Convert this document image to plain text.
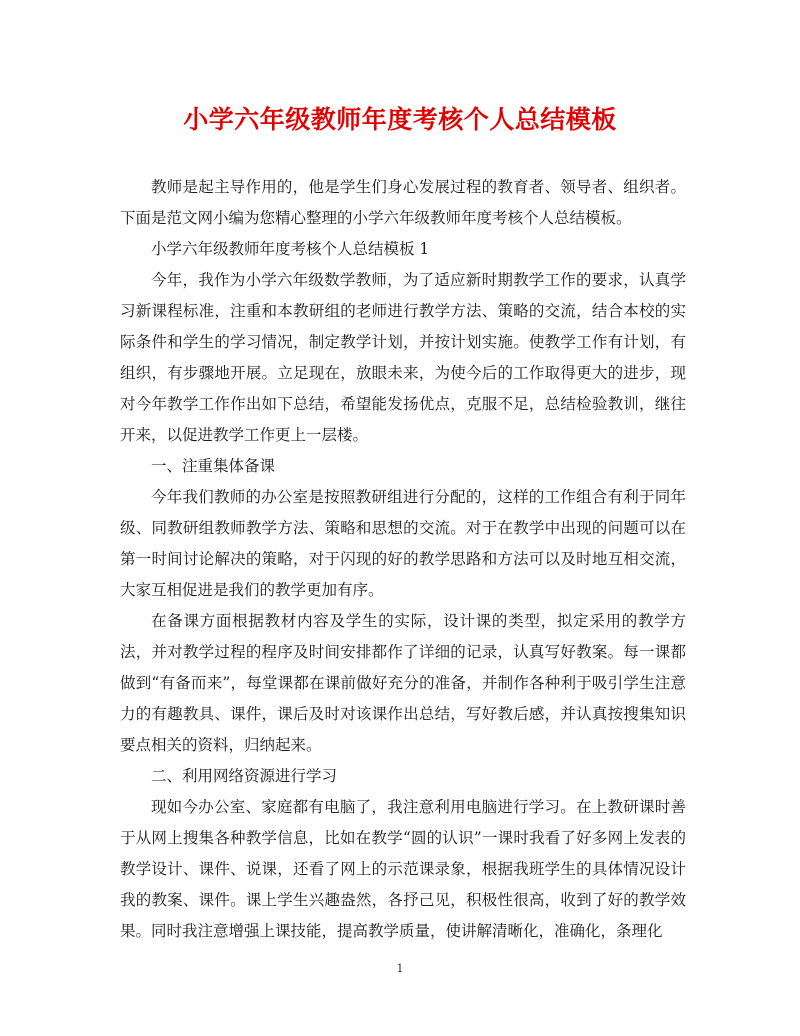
小学六年级教师年度考核个人总结模板

教师是起主导作用的，他是学生们身心发展过程的教育者、领导者、组织者。下面是范文网小编为您精心整理的小学六年级教师年度考核个人总结模板。

小学六年级教师年度考核个人总结模板 1

今年，我作为小学六年级数学教师，为了适应新时期教学工作的要求，认真学习新课程标准，注重和本教研组的老师进行教学方法、策略的交流，结合本校的实际条件和学生的学习情况，制定教学计划，并按计划实施。使教学工作有计划，有组织，有步骤地开展。立足现在，放眼未来，为使今后的工作取得更大的进步，现对今年教学工作作出如下总结，希望能发扬优点，克服不足，总结检验教训，继往开来，以促进教学工作更上一层楼。

一、注重集体备课

今年我们教师的办公室是按照教研组进行分配的，这样的工作组合有利于同年级、同教研组教师教学方法、策略和思想的交流。对于在教学中出现的问题可以在第一时间讨论解决的策略，对于闪现的好的教学思路和方法可以及时地互相交流，大家互相促进是我们的教学更加有序。

在备课方面根据教材内容及学生的实际，设计课的类型，拟定采用的教学方法，并对教学过程的程序及时间安排都作了详细的记录，认真写好教案。每一课都做到“有备而来”，每堂课都在课前做好充分的准备，并制作各种利于吸引学生注意力的有趣教具、课件，课后及时对该课作出总结，写好教后感，并认真按搜集知识要点相关的资料，归纳起来。

二、利用网络资源进行学习

现如今办公室、家庭都有电脑了，我注意利用电脑进行学习。在上教研课时善于从网上搜集各种教学信息，比如在教学“圆的认识”一课时我看了好多网上发表的教学设计、课件、说课，还看了网上的示范课录象，根据我班学生的具体情况设计我的教案、课件。课上学生兴趣盎然，各抒己见，积极性很高，收到了好的教学效果。同时我注意增强上课技能，提高教学质量，使讲解清晰化，准确化，条理化

1
